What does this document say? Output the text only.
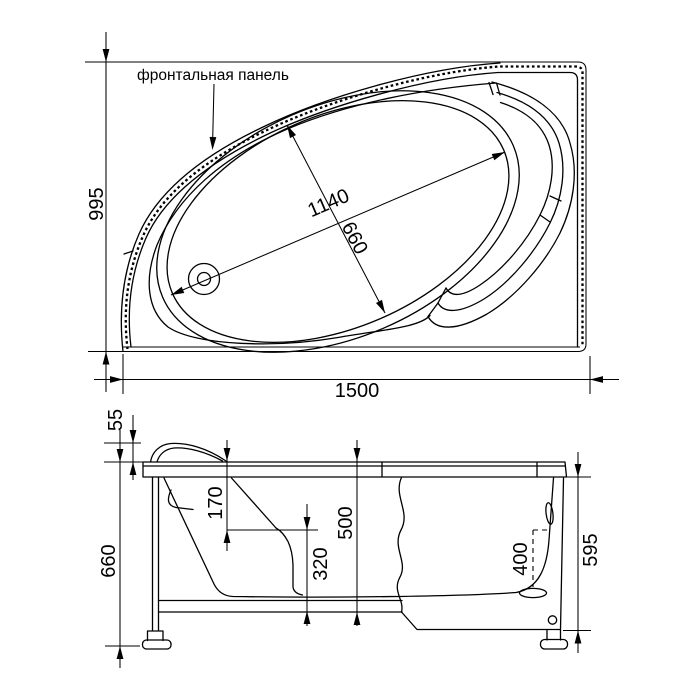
фронтальная панель
995
1500
1140
660
55
660
170
320
500
595
400
